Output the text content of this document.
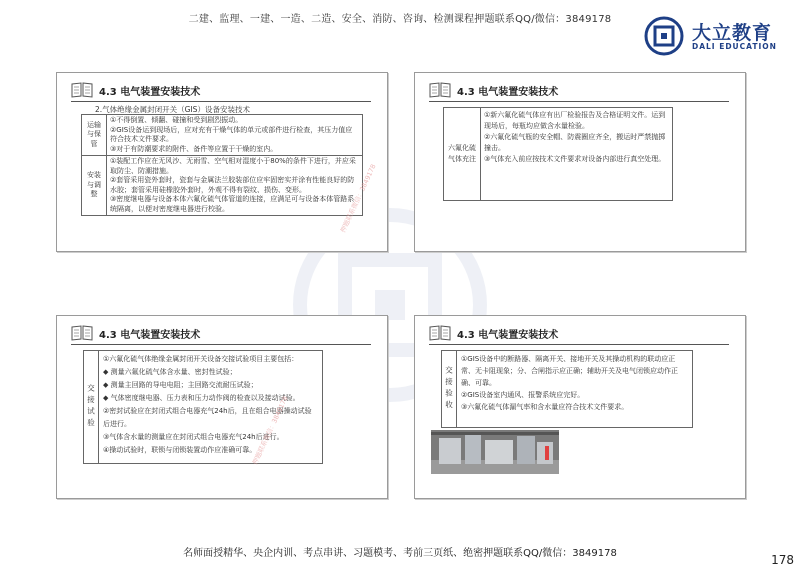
二建、监理、一建、一造、二造、安全、消防、咨询、检测课程押题联系QQ/微信：3849178
大立教育
DALI EDUCATION
4.3 电气装置安装技术
2.气体绝缘金属封闭开关（GIS）设备安装技术
运输与保管	①不得倒置、倾翻、碰撞和受到剧烈振动。
②GIS设备运到现场后，应对充有干燥气体的单元或部件进行检查，其压力值应符合技术文件要求。
③对于有防潮要求的附件、备件等应置于干燥的室内。

安装与调整	①装配工作应在无风沙、无雨雪、空气相对湿度小于80%的条件下进行，并应采取防尘、防潮措施。
②套管采用瓷外套时，瓷套与金属法兰胶装部位应牢固密实并涂有性能良好的防水胶；套管采用硅橡胶外套时，外观不得有裂纹、损伤、变形。
③密度继电器与设备本体六氟化硫气体管道的连接，应满足可与设备本体管路系统隔离，以便对密度继电器进行校验。
4.3 电气装置安装技术
六氟化硫气体充注
①新六氟化硫气体应有出厂检验报告及合格证明文件。运到现场后，每瓶均应做含水量检验。
②六氟化硫气瓶的安全帽、防震圈应齐全，搬运时严禁抛掷撞击。
③气体充入前应按技术文件要求对设备内部进行真空处理。
4.3 电气装置安装技术
交接试验
①六氟化硫气体绝缘金属封闭开关设备交接试验项目主要包括：
◆ 测量六氟化硫气体含水量、密封性试验；
◆ 测量主回路的导电电阻；主回路交流耐压试验；
◆ 气体密度继电器、压力表和压力动作阀的检查以及接动试验。
②密封试验应在封闭式组合电器充气24h后，且在组合电器操动试验后进行。
③气体含水量的测量应在封闭式组合电器充气24h后进行。
④操动试验时，联锁与闭锁装置动作应准确可靠。
4.3 电气装置安装技术
交接验收
①GIS设备中的断路器、隔离开关、接地开关及其操动机构的联动应正常、无卡阻现象；分、合闸指示应正确；辅助开关及电气闭锁应动作正确、可靠。
②GIS设备室内通风、报警系统应完好。
③六氟化硫气体漏气率和含水量应符合技术文件要求。
押题联系微信：3849178
押题联系微信：3849178
名师面授精华、央企内训、考点串讲、习题模考、考前三页纸、绝密押题联系QQ/微信：3849178	178
